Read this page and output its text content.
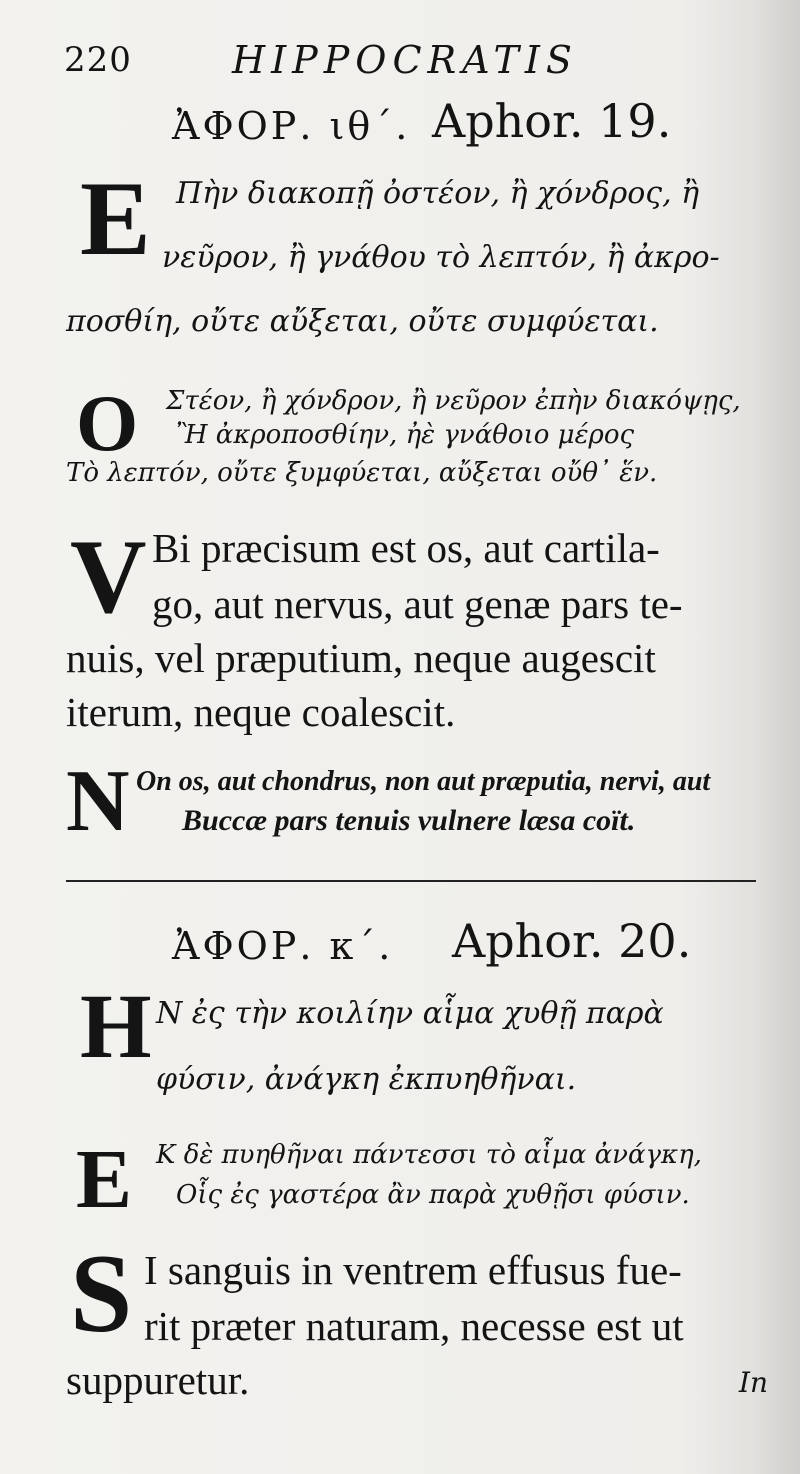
220	HIPPOCRATIS
ἈΦΟΡ. ιθ΄. Aphor. 19.
Ε Πὴν διακοπῇ ὀστέον, ἢ χόνδρος, ἢ
νεῦρον, ἢ γνάθου τὸ λεπτόν, ἢ ἀκρο-
ποσθίη, οὔτε αὔξεται, οὔτε συμφύεται.
Ο Στέον, ἢ χόνδρον, ἢ νεῦρον ἐπὴν διακόψῃς,
Ἢ ἀκροποσθίην, ἠὲ γνάθοιο μέρος
Τὸ λεπτόν, οὔτε ξυμφύεται, αὔξεται οὔθ᾽ ἕν.
V Bi præcisum est os, aut cartila-
go, aut nervus, aut genæ pars te-
nuis, vel præputium, neque augescit
iterum, neque coalescit.
N On os, aut chondrus, non aut præputia, nervi, aut
Buccæ pars tenuis vulnere læsa coït.
ἈΦΟΡ. κ΄. Aphor. 20.
Η Ν ἐς τὴν κοιλίην αἷμα χυθῇ παρὰ
φύσιν, ἀνάγκη ἐκπυηθῆναι.
Ε Κ δὲ πυηθῆναι πάντεσσι τὸ αἷμα ἀνάγκη,
Οἷς ἐς γαστέρα ἂν παρὰ χυθῇσι φύσιν.
S I sanguis in ventrem effusus fue-
rit præter naturam, necesse est ut
suppuretur.	In
